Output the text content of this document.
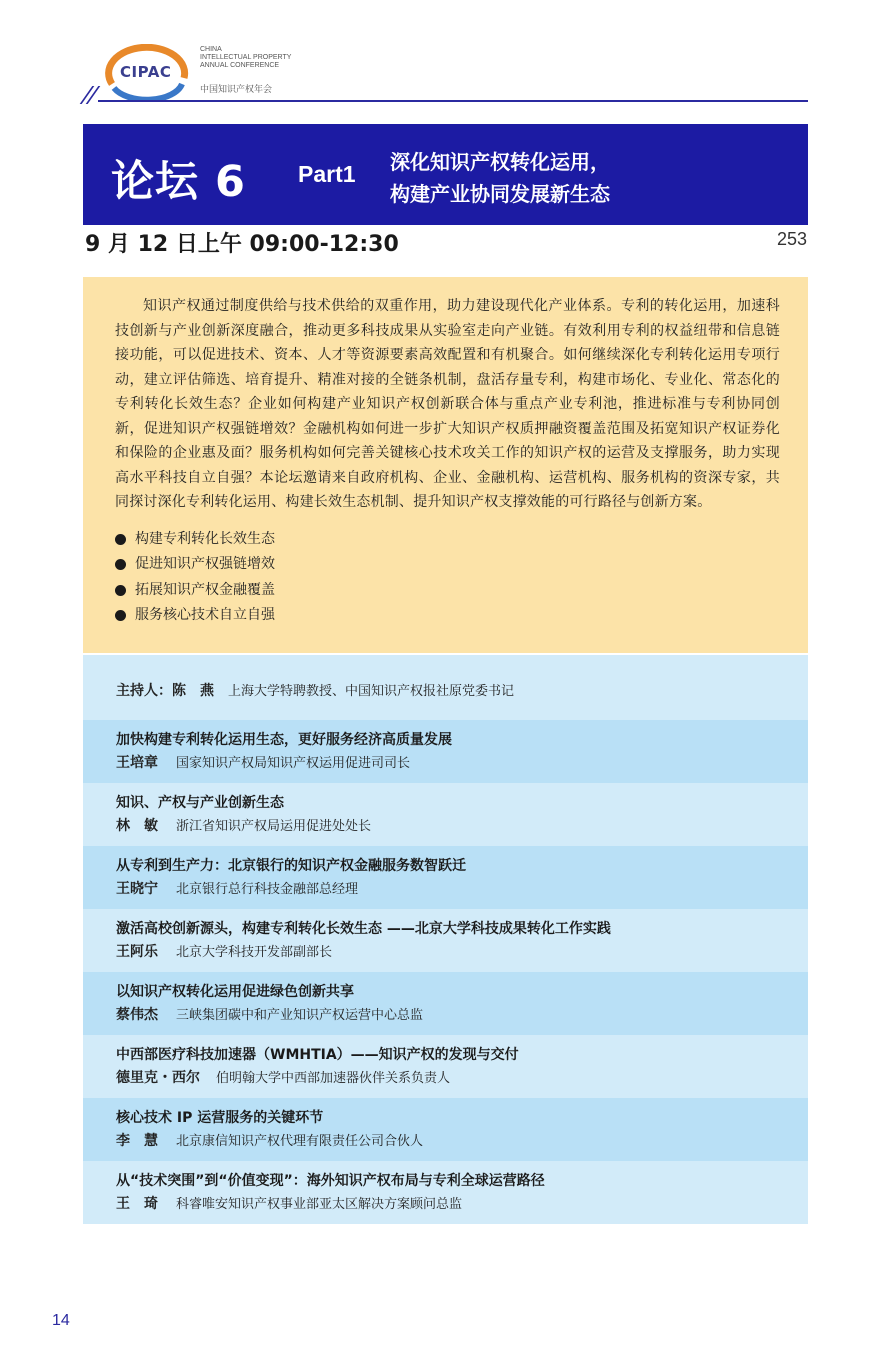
CIPAC
CHINA
INTELLECTUAL PROPERTY
ANNUAL CONFERENCE
中国知识产权年会
论坛 6 Part1 深化知识产权转化运用，
构建产业协同发展新生态
9 月 12 日上午 09:00-12:30	253

知识产权通过制度供给与技术供给的双重作用，助力建设现代化产业体系。专利的转化运用，加速科技创新与产业创新深度融合，推动更多科技成果从实验室走向产业链。有效利用专利的权益纽带和信息链接功能，可以促进技术、资本、人才等资源要素高效配置和有机聚合。如何继续深化专利转化运用专项行动，建立评估筛选、培育提升、精准对接的全链条机制，盘活存量专利，构建市场化、专业化、常态化的专利转化长效生态？企业如何构建产业知识产权创新联合体与重点产业专利池，推进标准与专利协同创新，促进知识产权强链增效？金融机构如何进一步扩大知识产权质押融资覆盖范围及拓宽知识产权证券化和保险的企业惠及面？服务机构如何完善关键核心技术攻关工作的知识产权的运营及支撑服务，助力实现高水平科技自立自强？本论坛邀请来自政府机构、企业、金融机构、运营机构、服务机构的资深专家，共同探讨深化专利转化运用、构建长效生态机制、提升知识产权支撑效能的可行路径与创新方案。

构建专利转化长效生态
促进知识产权强链增效
拓展知识产权金融覆盖
服务核心技术自立自强
主持人：陈　燕 上海大学特聘教授、中国知识产权报社原党委书记
加快构建专利转化运用生态，更好服务经济高质量发展
王培章 国家知识产权局知识产权运用促进司司长
知识、产权与产业创新生态
林　敏 浙江省知识产权局运用促进处处长
从专利到生产力：北京银行的知识产权金融服务数智跃迁
王晓宁 北京银行总行科技金融部总经理
激活高校创新源头，构建专利转化长效生态 ——北京大学科技成果转化工作实践
王阿乐 北京大学科技开发部副部长
以知识产权转化运用促进绿色创新共享
蔡伟杰 三峡集团碳中和产业知识产权运营中心总监
中西部医疗科技加速器（WMHTIA）——知识产权的发现与交付
德里克・西尔 伯明翰大学中西部加速器伙伴关系负责人
核心技术 IP 运营服务的关键环节
李　慧 北京康信知识产权代理有限责任公司合伙人
从“技术突围”到“价值变现”：海外知识产权布局与专利全球运营路径
王　琦 科睿唯安知识产权事业部亚太区解决方案顾问总监
14
